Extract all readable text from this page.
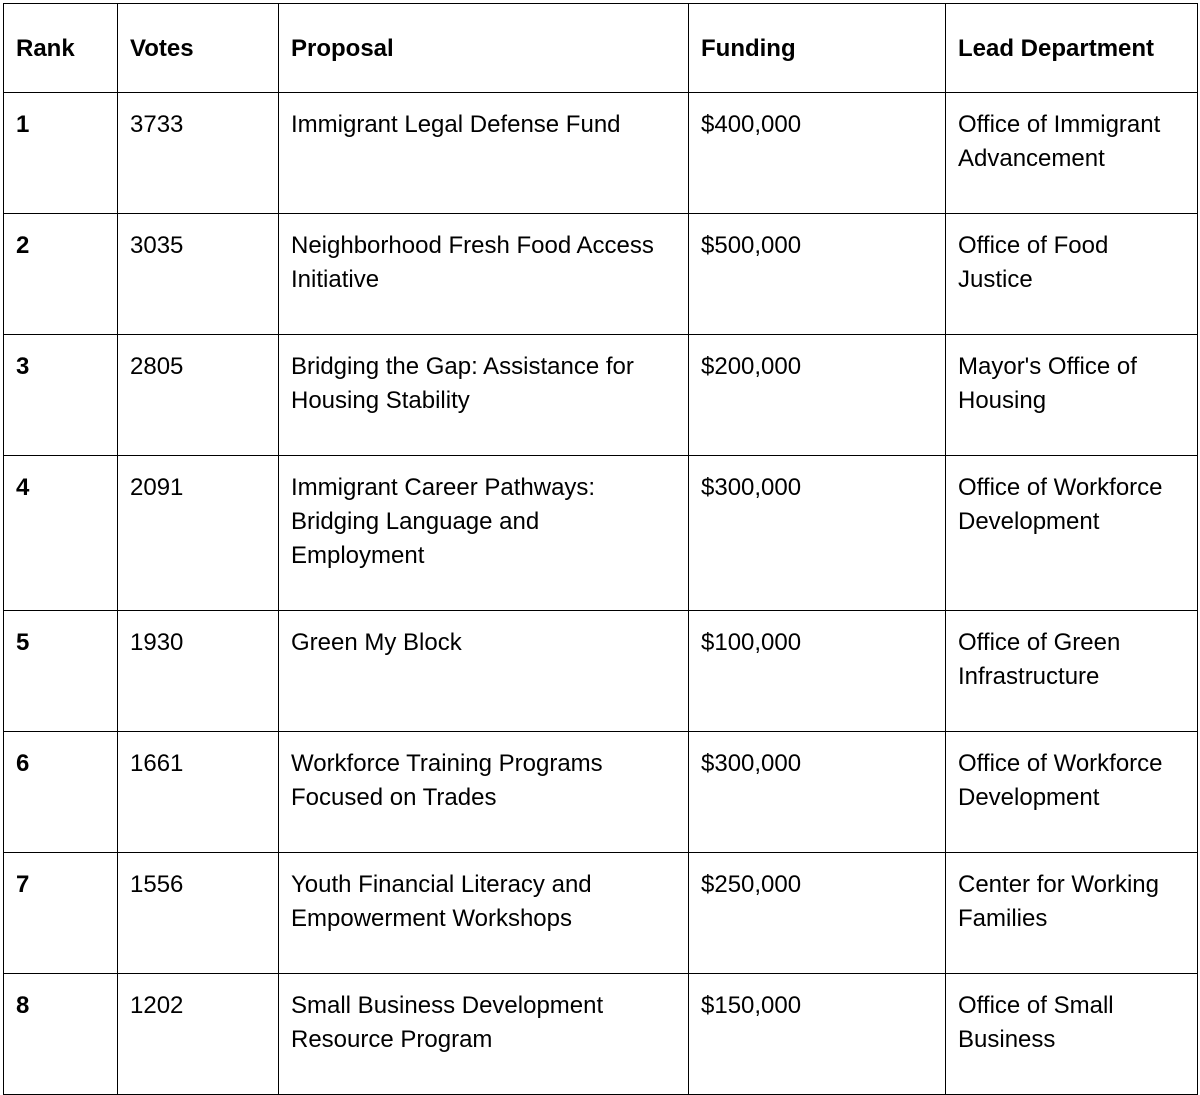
Rank	Votes	Proposal	Funding	Lead Department
1	3733	Immigrant Legal Defense Fund	$400,000	Office of Immigrant Advancement
2	3035	Neighborhood Fresh Food Access Initiative	$500,000	Office of Food Justice
3	2805	Bridging the Gap: Assistance for Housing Stability	$200,000	Mayor's Office of Housing
4	2091	Immigrant Career Pathways: Bridging Language and Employment	$300,000	Office of Workforce Development
5	1930	Green My Block	$100,000	Office of Green Infrastructure
6	1661	Workforce Training Programs Focused on Trades	$300,000	Office of Workforce Development
7	1556	Youth Financial Literacy and Empowerment Workshops	$250,000	Center for Working Families
8	1202	Small Business Development Resource Program	$150,000	Office of Small Business
